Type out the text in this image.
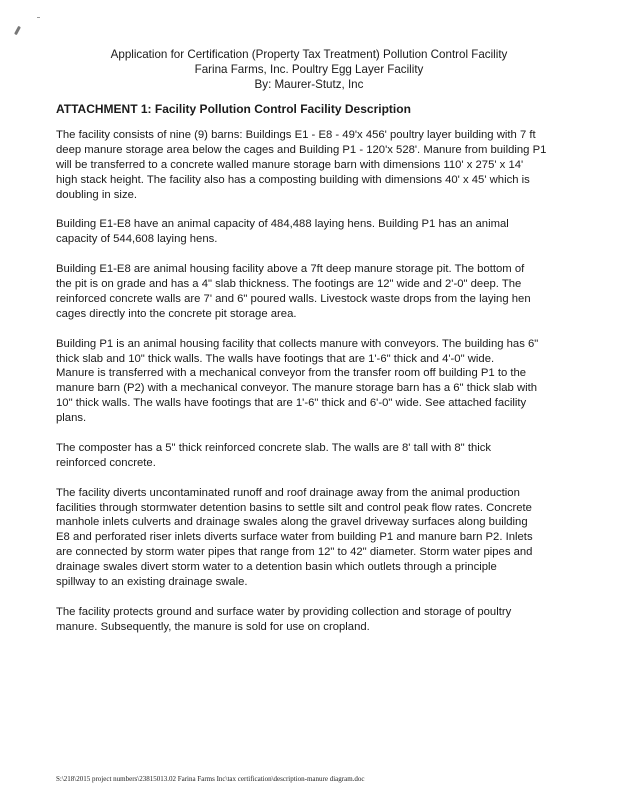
Application for Certification (Property Tax Treatment) Pollution Control Facility
Farina Farms, Inc. Poultry Egg Layer Facility
By: Maurer-Stutz, Inc
ATTACHMENT 1: Facility Pollution Control Facility Description

The facility consists of nine (9) barns: Buildings E1 - E8 - 49'x 456' poultry layer building with 7 ft
deep manure storage area below the cages and Building P1 - 120'x 528'. Manure from building P1
will be transferred to a concrete walled manure storage barn with dimensions 110' x 275' x 14'
high stack height. The facility also has a composting building with dimensions 40' x 45' which is
doubling in size.

Building E1-E8 have an animal capacity of 484,488 laying hens. Building P1 has an animal
capacity of 544,608 laying hens.

Building E1-E8 are animal housing facility above a 7ft deep manure storage pit. The bottom of
the pit is on grade and has a 4" slab thickness. The footings are 12" wide and 2'-0" deep. The
reinforced concrete walls are 7' and 6" poured walls. Livestock waste drops from the laying hen
cages directly into the concrete pit storage area.

Building P1 is an animal housing facility that collects manure with conveyors. The building has 6"
thick slab and 10" thick walls. The walls have footings that are 1'-6" thick and 4'-0" wide.
Manure is transferred with a mechanical conveyor from the transfer room off building P1 to the
manure barn (P2) with a mechanical conveyor. The manure storage barn has a 6" thick slab with
10" thick walls. The walls have footings that are 1'-6" thick and 6'-0" wide. See attached facility
plans.

The composter has a 5" thick reinforced concrete slab. The walls are 8' tall with 8" thick
reinforced concrete.

The facility diverts uncontaminated runoff and roof drainage away from the animal production
facilities through stormwater detention basins to settle silt and control peak flow rates. Concrete
manhole inlets culverts and drainage swales along the gravel driveway surfaces along building
E8 and perforated riser inlets diverts surface water from building P1 and manure barn P2. Inlets
are connected by storm water pipes that range from 12" to 42" diameter. Storm water pipes and
drainage swales divert storm water to a detention basin which outlets through a principle
spillway to an existing drainage swale.

The facility protects ground and surface water by providing collection and storage of poultry
manure. Subsequently, the manure is sold for use on cropland.

S:\218\2015 project numbers\23815013.02 Farina Farms Inc\tax certification\description-manure diagram.doc
